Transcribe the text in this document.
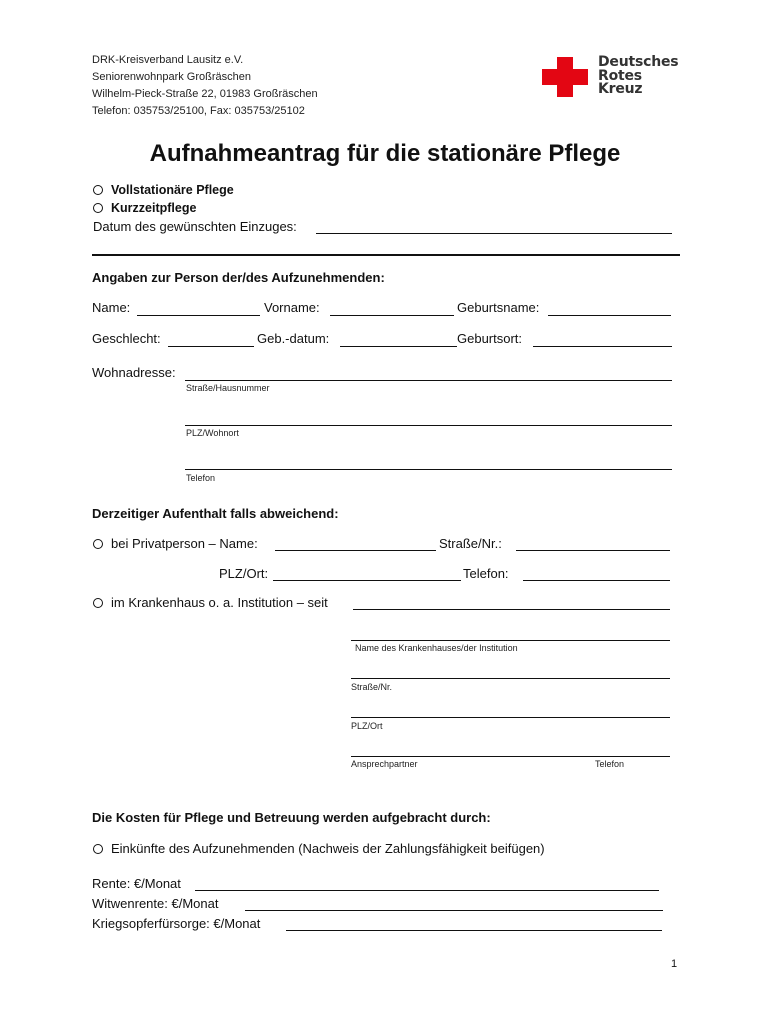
DRK-Kreisverband Lausitz e.V.
Seniorenwohnpark Großräschen
Wilhelm-Pieck-Straße 22, 01983 Großräschen
Telefon: 035753/25100, Fax: 035753/25102
Deutsches
Rotes
Kreuz
Aufnahmeantrag für die stationäre Pflege
Vollstationäre Pflege
Kurzzeitpflege
Datum des gewünschten Einzuges:
Angaben zur Person der/des Aufzunehmenden:
Name:	Vorname:	Geburtsname:
Geschlecht:	Geb.-datum:	Geburtsort:
Wohnadresse:
Straße/Hausnummer
PLZ/Wohnort
Telefon
Derzeitiger Aufenthalt falls abweichend:
bei Privatperson – Name:	Straße/Nr.:
PLZ/Ort:	Telefon:
im Krankenhaus o. a. Institution – seit
Name des Krankenhauses/der Institution
Straße/Nr.
PLZ/Ort
Ansprechpartner	Telefon
Die Kosten für Pflege und Betreuung werden aufgebracht durch:
Einkünfte des Aufzunehmenden (Nachweis der Zahlungsfähigkeit beifügen)
Rente: €/Monat
Witwenrente: €/Monat
Kriegsopferfürsorge: €/Monat
1
